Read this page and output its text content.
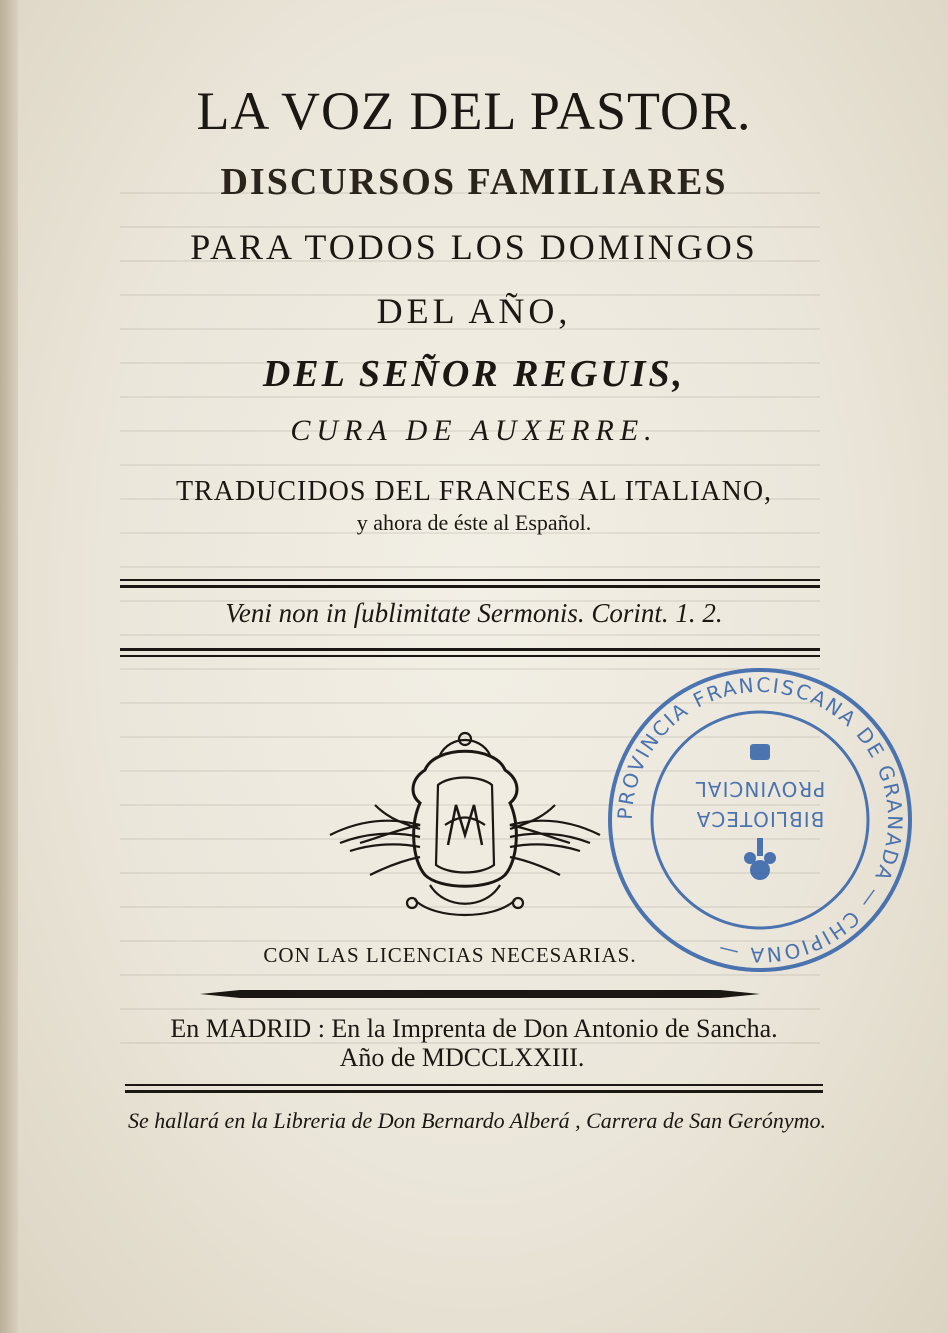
LA VOZ DEL PASTOR.
DISCURSOS FAMILIARES
PARA TODOS LOS DOMINGOS
DEL AÑO,
DEL SEÑOR REGUIS,
CURA DE AUXERRE.
TRADUCIDOS DEL FRANCES AL ITALIANO,
y ahora de éste al Español.
Veni non in ſublimitate Sermonis. Corint. 1. 2.
CON LAS LICENCIAS NECESARIAS.
En MADRID : En la Imprenta de Don Antonio de Sancha.
Año de MDCCLXXIII.
Se hallará en la Libreria de Don Bernardo Alberá , Carrera de San Gerónymo.
PROVINCIA FRANCISCANA DE GRANADA — CHIPIONA —
BIBLIOTECA
PROVINCIAL
